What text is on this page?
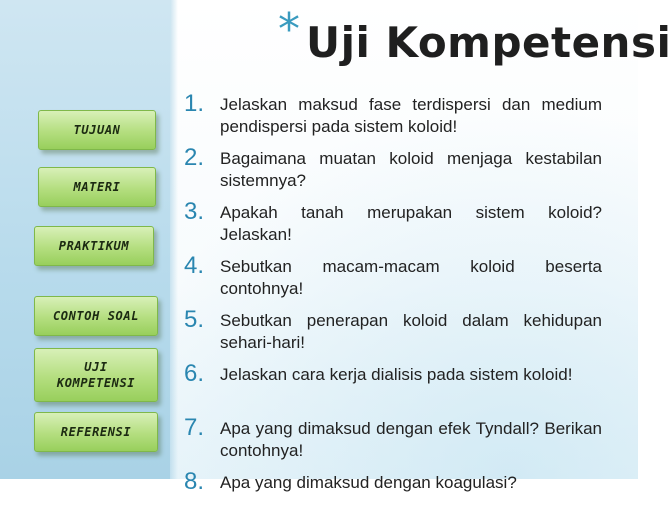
* Uji Kompetensi
TUJUAN
MATERI
PRAKTIKUM
CONTOH SOAL
UJI
KOMPETENSI
REFERENSI
1. Jelaskan maksud fase terdispersi dan medium pendispersi pada sistem koloid!
2. Bagaimana muatan koloid menjaga kestabilan sistemnya?
3. Apakah tanah merupakan sistem koloid? Jelaskan!
4. Sebutkan macam-macam koloid beserta contohnya!
5. Sebutkan penerapan koloid dalam kehidupan sehari-hari!
6. Jelaskan cara kerja dialisis pada sistem koloid!
7. Apa yang dimaksud dengan efek Tyndall? Berikan contohnya!
8. Apa yang dimaksud dengan koagulasi?
